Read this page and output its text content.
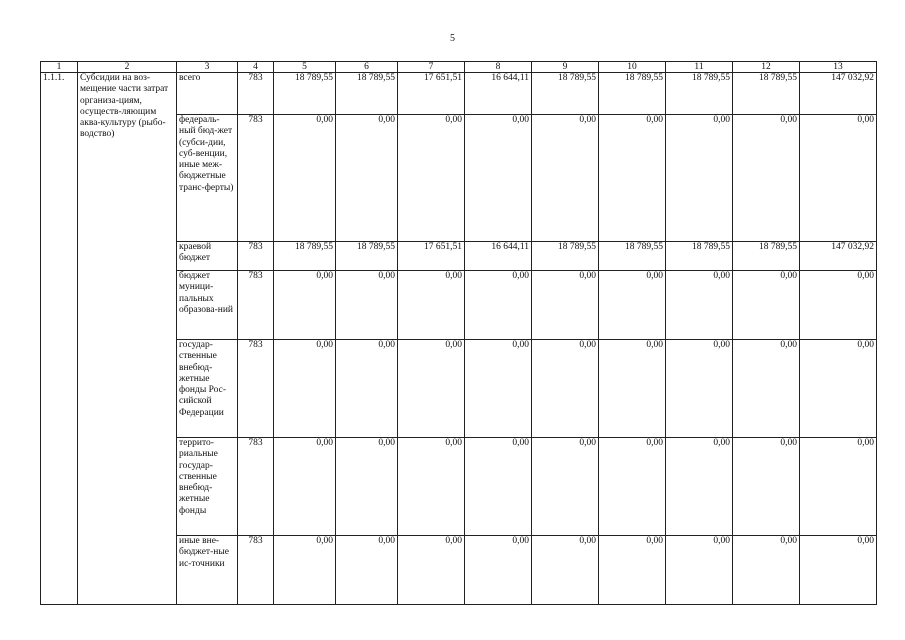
5
1	2	3	4	5	6	7	8	9	10	11	12	13
1.1.1.	Субсидии на воз-мещение части затрат организа-циям, осуществ-ляющим аква-культуру (рыбо-водство)	всего	783	18 789,55	18 789,55	17 651,51	16 644,11	18 789,55	18 789,55	18 789,55	18 789,55	147 032,92
		федераль-ный бюд-жет (субси-дии, суб-венции, иные меж-бюджетные транс-ферты)	783	0,00	0,00	0,00	0,00	0,00	0,00	0,00	0,00	0,00
		краевой бюджет	783	18 789,55	18 789,55	17 651,51	16 644,11	18 789,55	18 789,55	18 789,55	18 789,55	147 032,92
		бюджет муници-пальных образова-ний	783	0,00	0,00	0,00	0,00	0,00	0,00	0,00	0,00	0,00
		государ-ственные внебюд-жетные фонды Рос-сийской Федерации	783	0,00	0,00	0,00	0,00	0,00	0,00	0,00	0,00	0,00
		террито-риальные государ-ственные внебюд-жетные фонды	783	0,00	0,00	0,00	0,00	0,00	0,00	0,00	0,00	0,00
		иные вне-бюджет-ные ис-точники	783	0,00	0,00	0,00	0,00	0,00	0,00	0,00	0,00	0,00
